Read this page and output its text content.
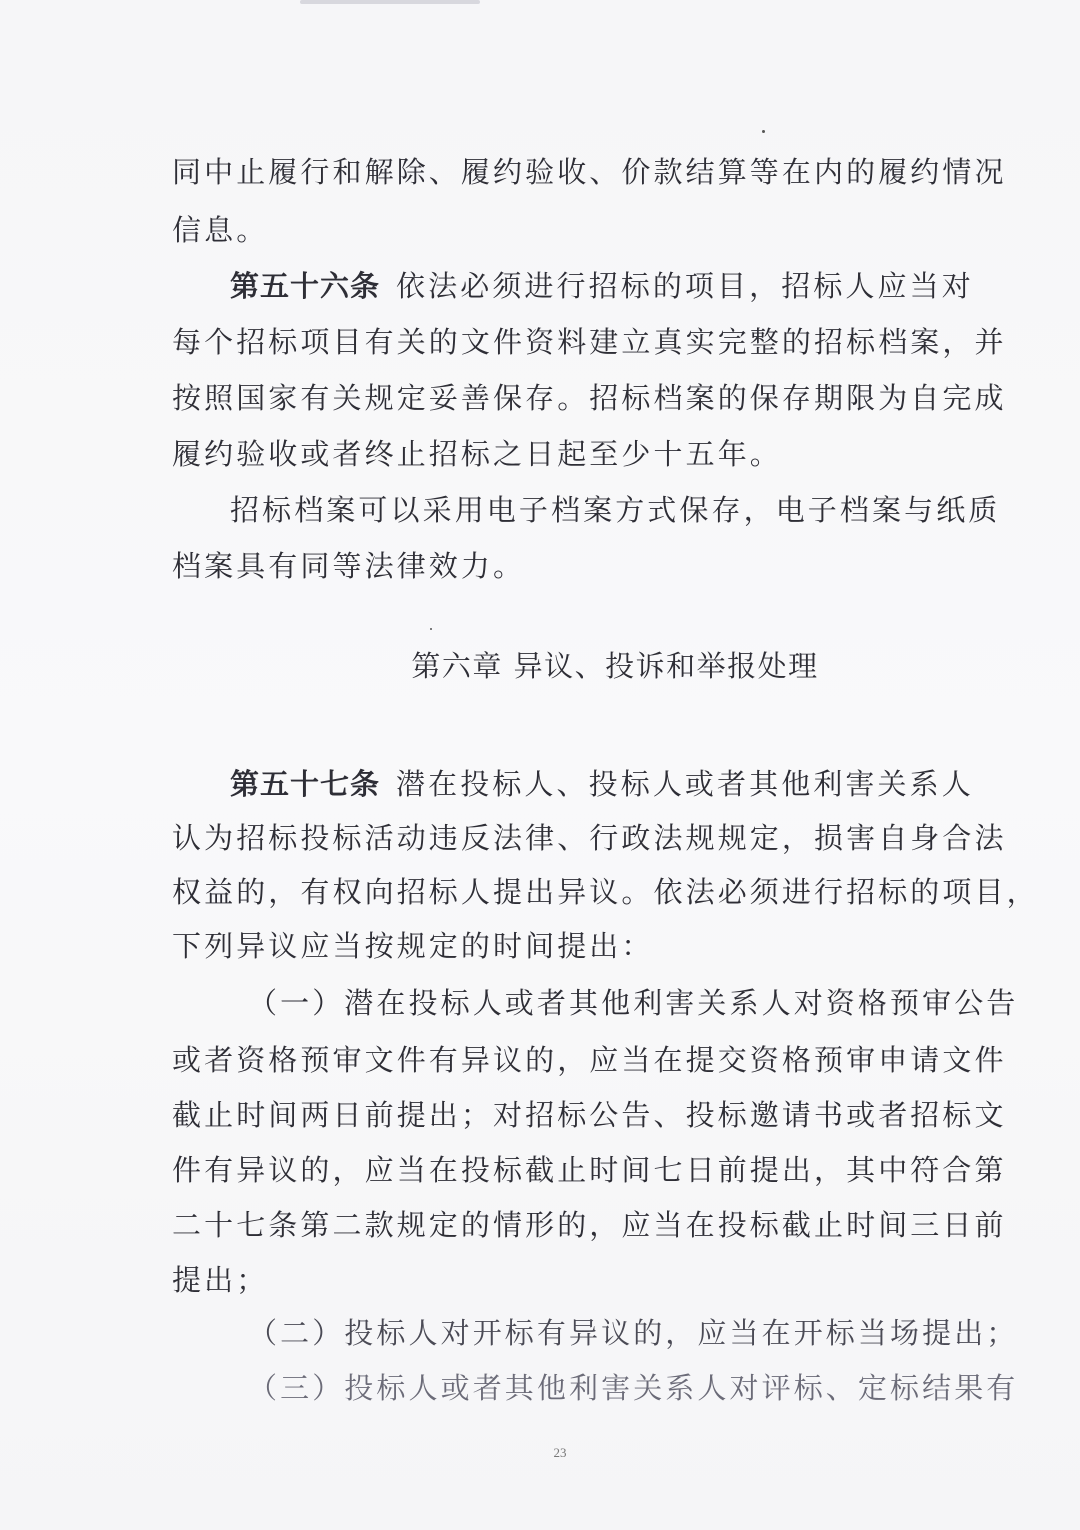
同中止履行和解除、履约验收、价款结算等在内的履约情况
信息。
第五十六条 依法必须进行招标的项目，招标人应当对
每个招标项目有关的文件资料建立真实完整的招标档案，并
按照国家有关规定妥善保存。招标档案的保存期限为自完成
履约验收或者终止招标之日起至少十五年。
招标档案可以采用电子档案方式保存，电子档案与纸质
档案具有同等法律效力。
第六章 异议、投诉和举报处理
第五十七条 潜在投标人、投标人或者其他利害关系人
认为招标投标活动违反法律、行政法规规定，损害自身合法
权益的，有权向招标人提出异议。依法必须进行招标的项目，
下列异议应当按规定的时间提出：
（一）潜在投标人或者其他利害关系人对资格预审公告
或者资格预审文件有异议的，应当在提交资格预审申请文件
截止时间两日前提出；对招标公告、投标邀请书或者招标文
件有异议的，应当在投标截止时间七日前提出，其中符合第
二十七条第二款规定的情形的，应当在投标截止时间三日前
提出；
（二）投标人对开标有异议的，应当在开标当场提出；
（三）投标人或者其他利害关系人对评标、定标结果有
23
